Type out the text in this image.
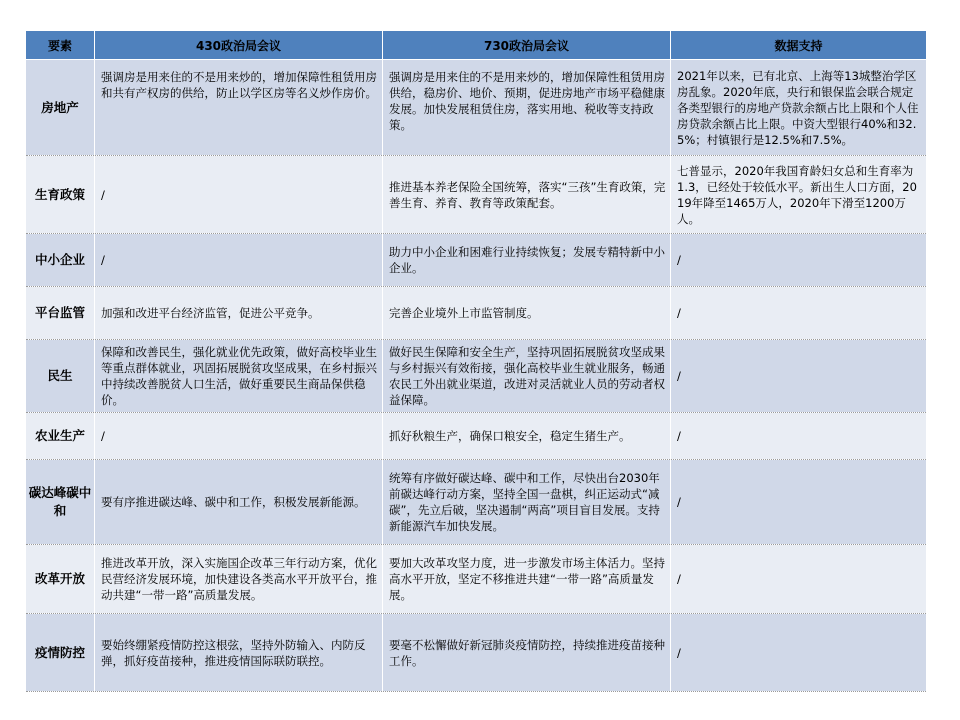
要素	430政治局会议	730政治局会议	数据支持
房地产	强调房是用来住的不是用来炒的，增加保障性租赁用房和共有产权房的供给，防止以学区房等名义炒作房价。	强调房是用来住的不是用来炒的，增加保障性租赁用房供给，稳房价、地价、预期，促进房地产市场平稳健康发展。加快发展租赁住房，落实用地、税收等支持政策。	2021年以来，已有北京、上海等13城整治学区房乱象。2020年底，央行和银保监会联合规定各类型银行的房地产贷款余额占比上限和个人住房贷款余额占比上限。中资大型银行40%和32.5%；村镇银行是12.5%和7.5%。
生育政策	/	推进基本养老保险全国统筹，落实“三孩”生育政策，完善生育、养育、教育等政策配套。	七普显示，2020年我国育龄妇女总和生育率为1.3，已经处于较低水平。新出生人口方面，2019年降至1465万人，2020年下滑至1200万人。
中小企业	/	助力中小企业和困难行业持续恢复；发展专精特新中小企业。	/
平台监管	加强和改进平台经济监管，促进公平竞争。	完善企业境外上市监管制度。	/
民生	保障和改善民生，强化就业优先政策，做好高校毕业生等重点群体就业，巩固拓展脱贫攻坚成果，在乡村振兴中持续改善脱贫人口生活，做好重要民生商品保供稳价。	做好民生保障和安全生产，坚持巩固拓展脱贫攻坚成果与乡村振兴有效衔接，强化高校毕业生就业服务，畅通农民工外出就业渠道，改进对灵活就业人员的劳动者权益保障。	/
农业生产	/	抓好秋粮生产，确保口粮安全，稳定生猪生产。	/
碳达峰碳中和	要有序推进碳达峰、碳中和工作，积极发展新能源。	统筹有序做好碳达峰、碳中和工作，尽快出台2030年前碳达峰行动方案，坚持全国一盘棋，纠正运动式“减碳”，先立后破，坚决遏制“两高”项目盲目发展。支持新能源汽车加快发展。	/
改革开放	推进改革开放，深入实施国企改革三年行动方案，优化民营经济发展环境，加快建设各类高水平开放平台，推动共建“一带一路”高质量发展。	要加大改革攻坚力度，进一步激发市场主体活力。坚持高水平开放，坚定不移推进共建“一带一路”高质量发展。	/
疫情防控	要始终绷紧疫情防控这根弦，坚持外防输入、内防反弹，抓好疫苗接种，推进疫情国际联防联控。	要毫不松懈做好新冠肺炎疫情防控，持续推进疫苗接种工作。	/
